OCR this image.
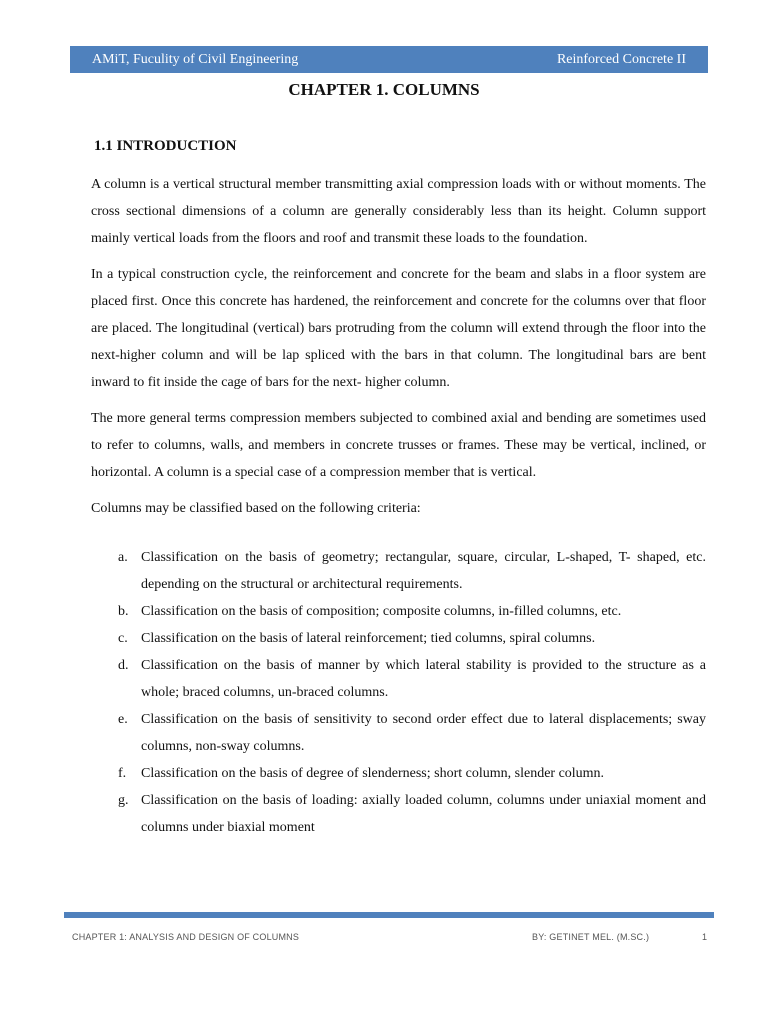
AMiT, Fuculity of Civil Engineering	Reinforced Concrete II
CHAPTER 1. COLUMNS
1.1 INTRODUCTION

A column is a vertical structural member transmitting axial compression loads with or without moments. The cross sectional dimensions of a column are generally considerably less than its height. Column support mainly vertical loads from the floors and roof and transmit these loads to the foundation.

In a typical construction cycle, the reinforcement and concrete for the beam and slabs in a floor system are placed first. Once this concrete has hardened, the reinforcement and concrete for the columns over that floor are placed. The longitudinal (vertical) bars protruding from the column will extend through the floor into the next-higher column and will be lap spliced with the bars in that column. The longitudinal bars are bent inward to fit inside the cage of bars for the next- higher column.

The more general terms compression members subjected to combined axial and bending are sometimes used to refer to columns, walls, and members in concrete trusses or frames. These may be vertical, inclined, or horizontal. A column is a special case of a compression member that is vertical.

Columns may be classified based on the following criteria:

a. Classification on the basis of geometry; rectangular, square, circular, L-shaped, T- shaped, etc. depending on the structural or architectural requirements.
b. Classification on the basis of composition; composite columns, in-filled columns, etc.
c. Classification on the basis of lateral reinforcement; tied columns, spiral columns.
d. Classification on the basis of manner by which lateral stability is provided to the structure as a whole; braced columns, un-braced columns.
e. Classification on the basis of sensitivity to second order effect due to lateral displacements; sway columns, non-sway columns.
f. Classification on the basis of degree of slenderness; short column, slender column.
g. Classification on the basis of loading: axially loaded column, columns under uniaxial moment and columns under biaxial moment
CHAPTER 1: ANALYSIS AND DESIGN OF COLUMNS	BY: GETINET MEL. (M.SC.)	1
